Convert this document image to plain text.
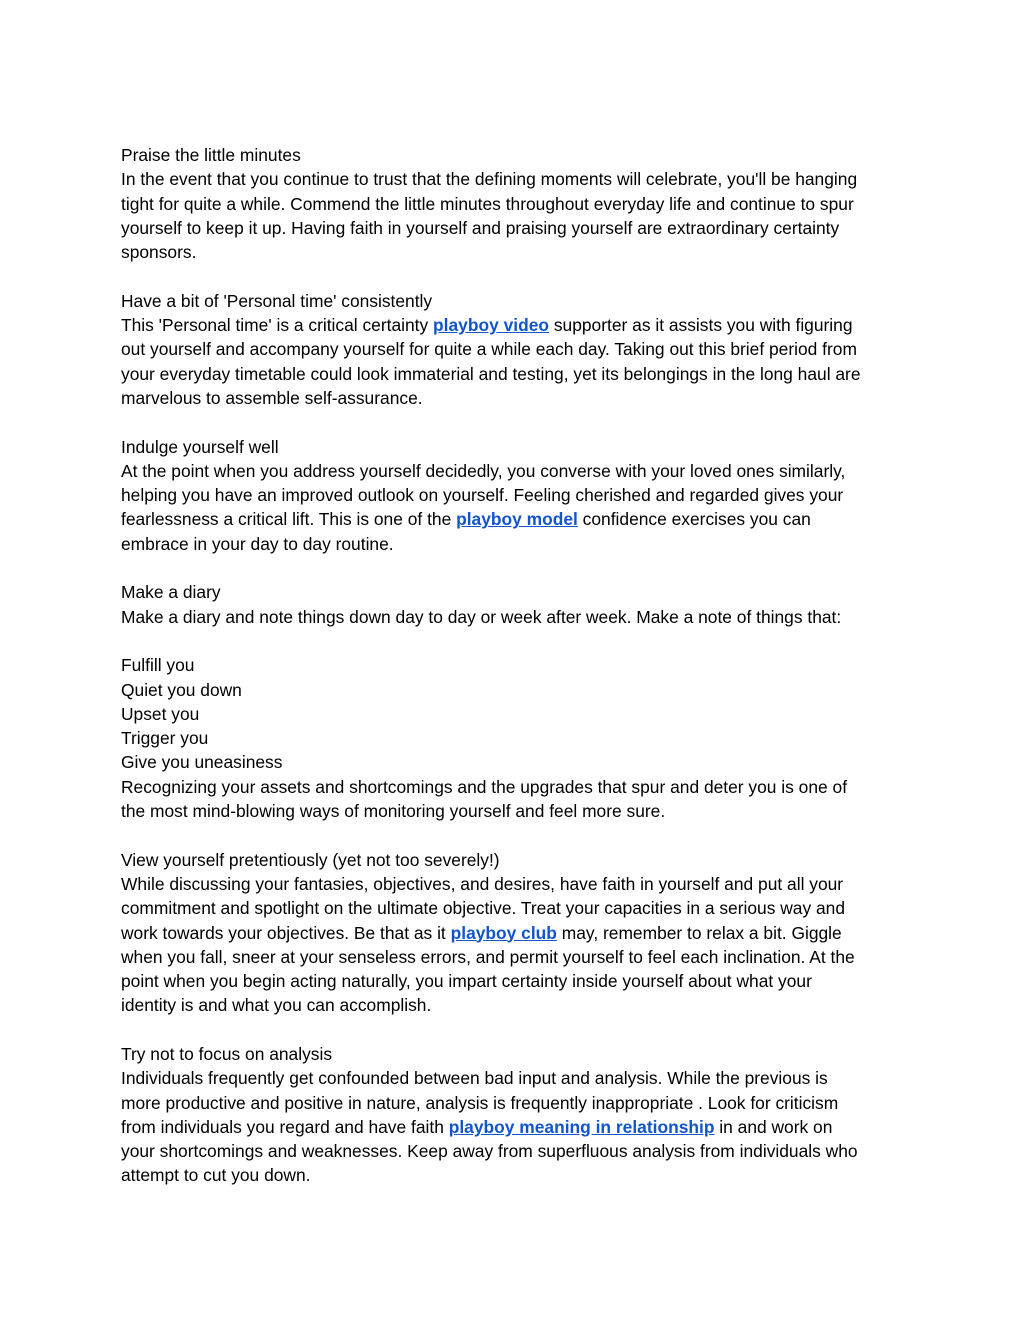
Praise the little minutes
In the event that you continue to trust that the defining moments will celebrate, you'll be hanging
tight for quite a while. Commend the little minutes throughout everyday life and continue to spur
yourself to keep it up. Having faith in yourself and praising yourself are extraordinary certainty
sponsors.
Have a bit of 'Personal time' consistently
This 'Personal time' is a critical certainty playboy video supporter as it assists you with figuring
out yourself and accompany yourself for quite a while each day. Taking out this brief period from
your everyday timetable could look immaterial and testing, yet its belongings in the long haul are
marvelous to assemble self-assurance.
Indulge yourself well
At the point when you address yourself decidedly, you converse with your loved ones similarly,
helping you have an improved outlook on yourself. Feeling cherished and regarded gives your
fearlessness a critical lift. This is one of the playboy model confidence exercises you can
embrace in your day to day routine.
Make a diary
Make a diary and note things down day to day or week after week. Make a note of things that:
Fulfill you
Quiet you down
Upset you
Trigger you
Give you uneasiness
Recognizing your assets and shortcomings and the upgrades that spur and deter you is one of
the most mind-blowing ways of monitoring yourself and feel more sure.
View yourself pretentiously (yet not too severely!)
While discussing your fantasies, objectives, and desires, have faith in yourself and put all your
commitment and spotlight on the ultimate objective. Treat your capacities in a serious way and
work towards your objectives. Be that as it playboy club may, remember to relax a bit. Giggle
when you fall, sneer at your senseless errors, and permit yourself to feel each inclination. At the
point when you begin acting naturally, you impart certainty inside yourself about what your
identity is and what you can accomplish.
Try not to focus on analysis
Individuals frequently get confounded between bad input and analysis. While the previous is
more productive and positive in nature, analysis is frequently inappropriate . Look for criticism
from individuals you regard and have faith playboy meaning in relationship in and work on
your shortcomings and weaknesses. Keep away from superfluous analysis from individuals who
attempt to cut you down.
